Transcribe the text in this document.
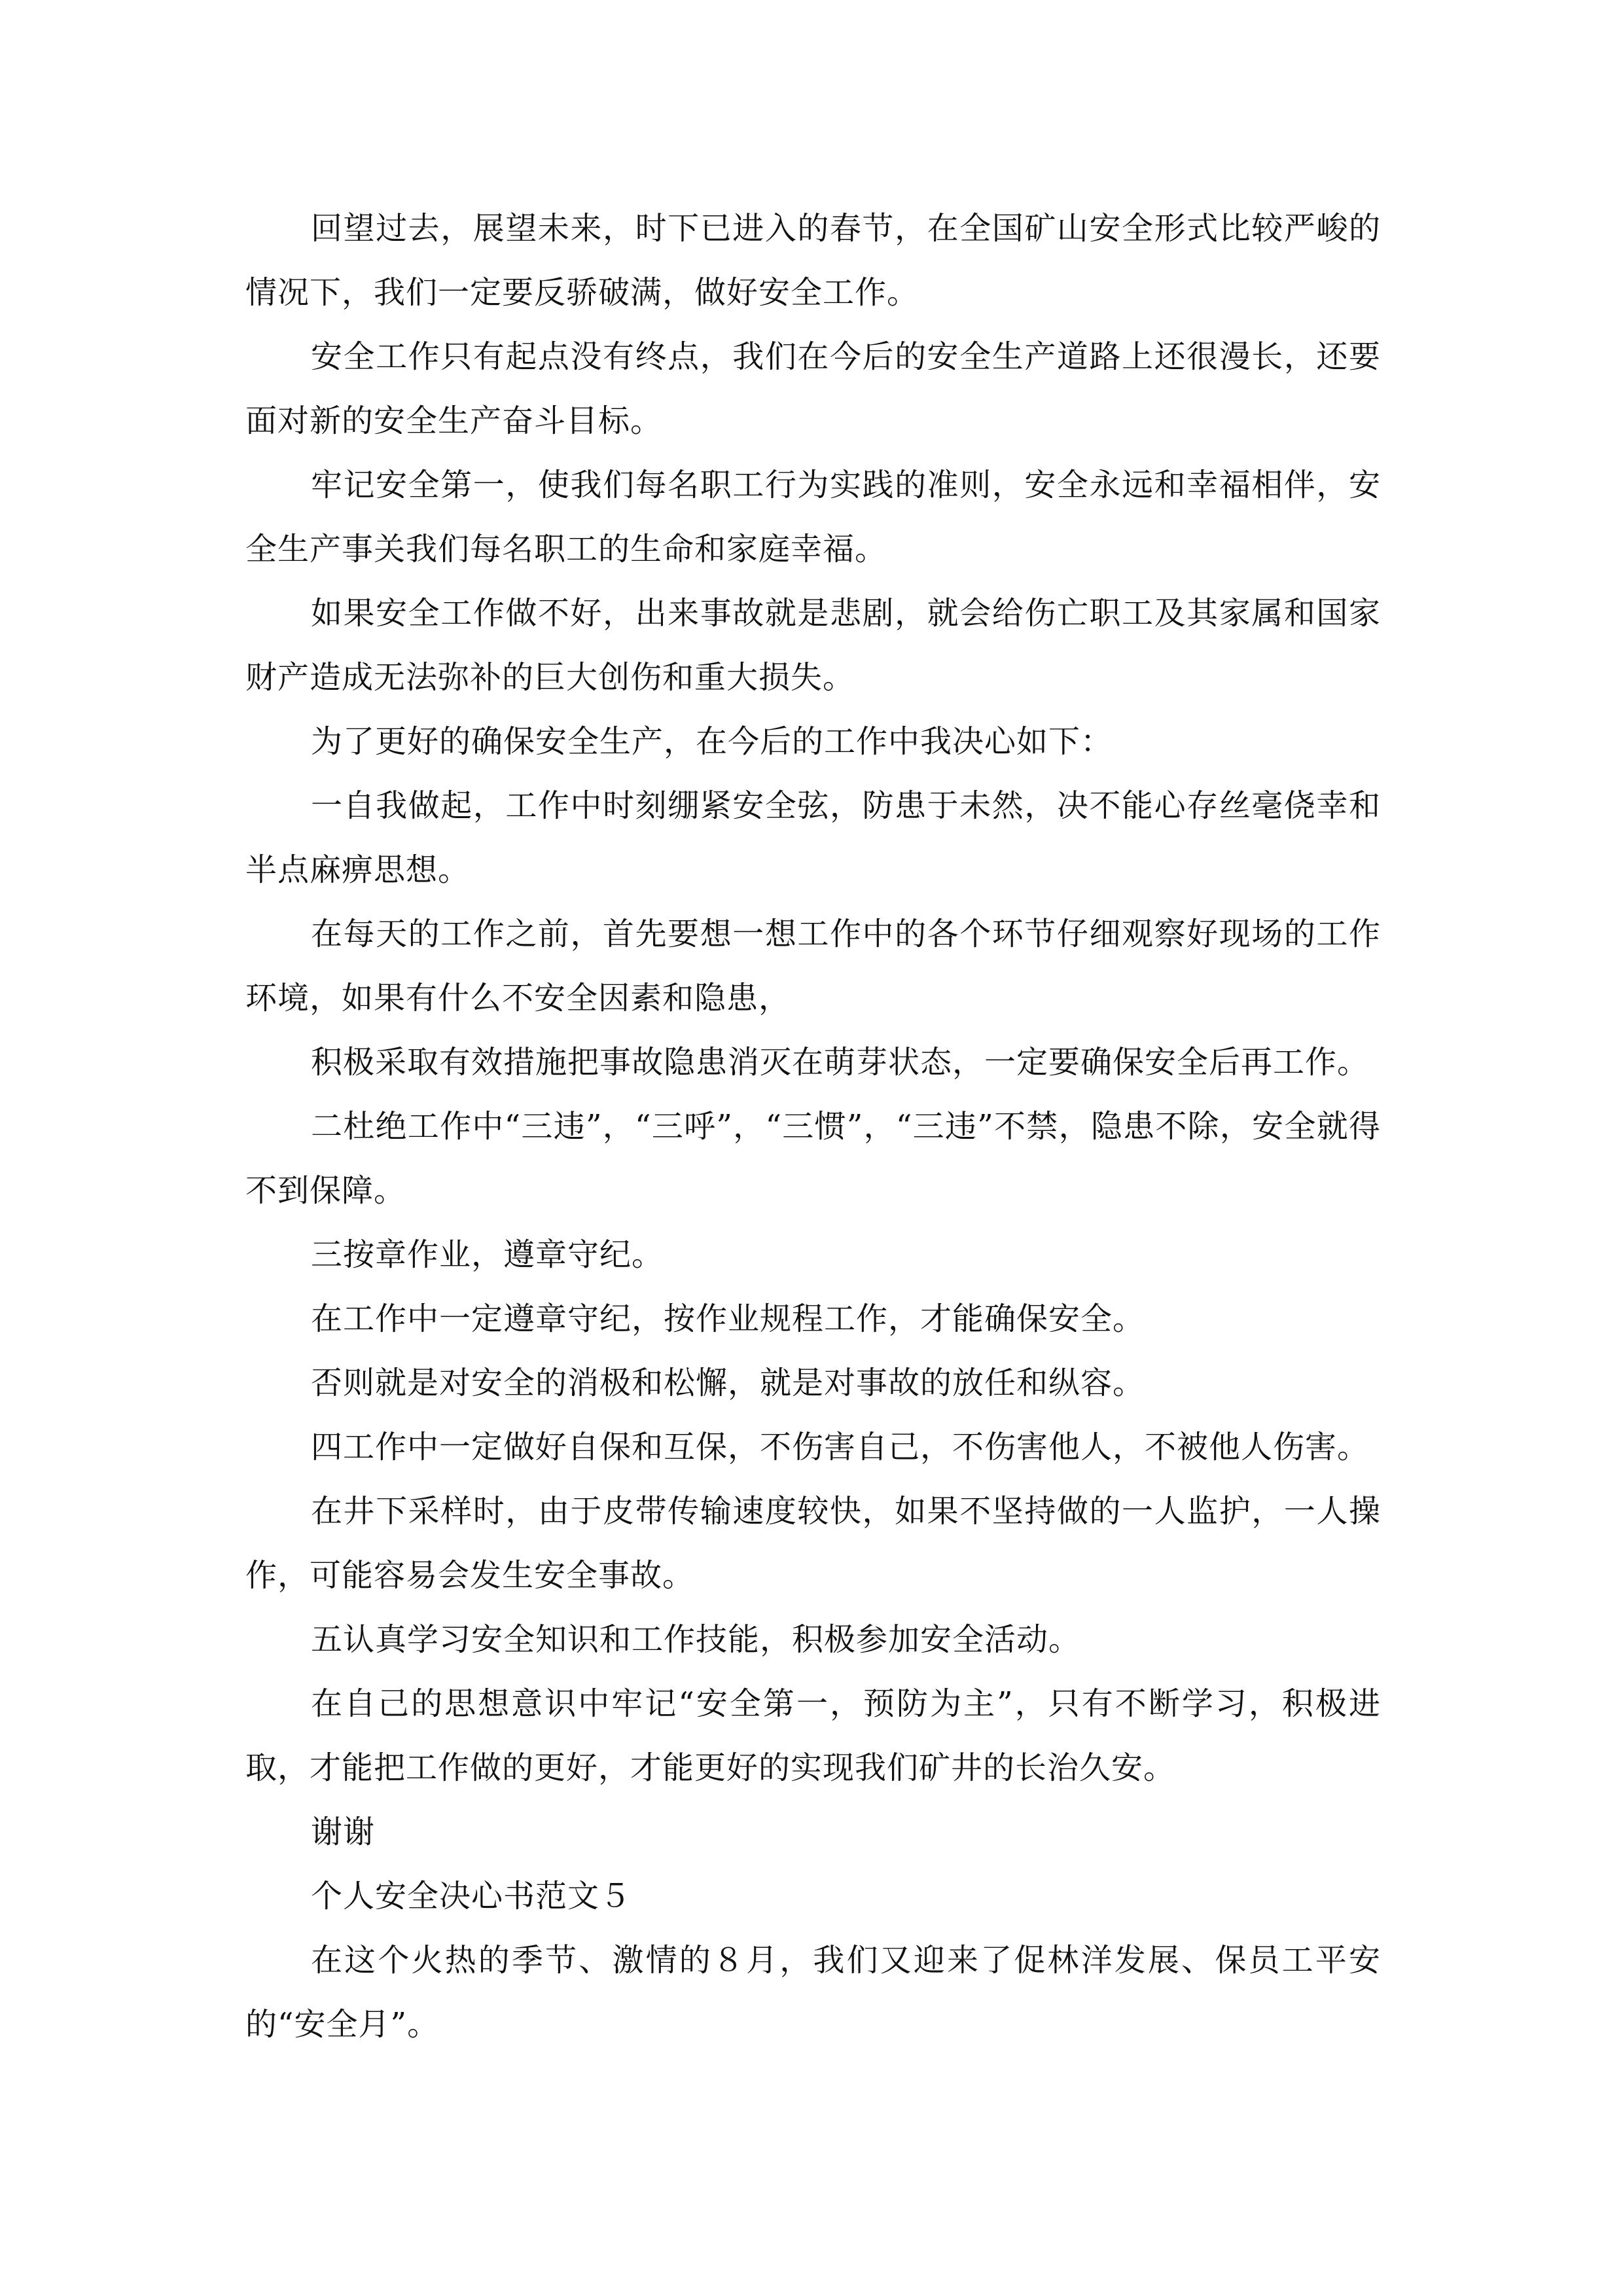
回望过去，展望未来，时下已进入的春节，在全国矿山安全形式比较严峻的情况下，我们一定要反骄破满，做好安全工作。

安全工作只有起点没有终点，我们在今后的安全生产道路上还很漫长，还要面对新的安全生产奋斗目标。

牢记安全第一，使我们每名职工行为实践的准则，安全永远和幸福相伴，安全生产事关我们每名职工的生命和家庭幸福。

如果安全工作做不好，出来事故就是悲剧，就会给伤亡职工及其家属和国家财产造成无法弥补的巨大创伤和重大损失。

为了更好的确保安全生产，在今后的工作中我决心如下：

一自我做起，工作中时刻绷紧安全弦，防患于未然，决不能心存丝毫侥幸和半点麻痹思想。

在每天的工作之前，首先要想一想工作中的各个环节仔细观察好现场的工作环境，如果有什么不安全因素和隐患，

积极采取有效措施把事故隐患消灭在萌芽状态，一定要确保安全后再工作。

二杜绝工作中“三违”，“三呼”，“三惯”，“三违”不禁，隐患不除，安全就得不到保障。

三按章作业，遵章守纪。

在工作中一定遵章守纪，按作业规程工作，才能确保安全。

否则就是对安全的消极和松懈，就是对事故的放任和纵容。

四工作中一定做好自保和互保，不伤害自己，不伤害他人，不被他人伤害。

在井下采样时，由于皮带传输速度较快，如果不坚持做的一人监护，一人操作，可能容易会发生安全事故。

五认真学习安全知识和工作技能，积极参加安全活动。

在自己的思想意识中牢记“安全第一，预防为主”，只有不断学习，积极进取，才能把工作做的更好，才能更好的实现我们矿井的长治久安。

谢谢

个人安全决心书范文５

在这个火热的季节、激情的８月，我们又迎来了促林洋发展、保员工平安的“安全月”。
